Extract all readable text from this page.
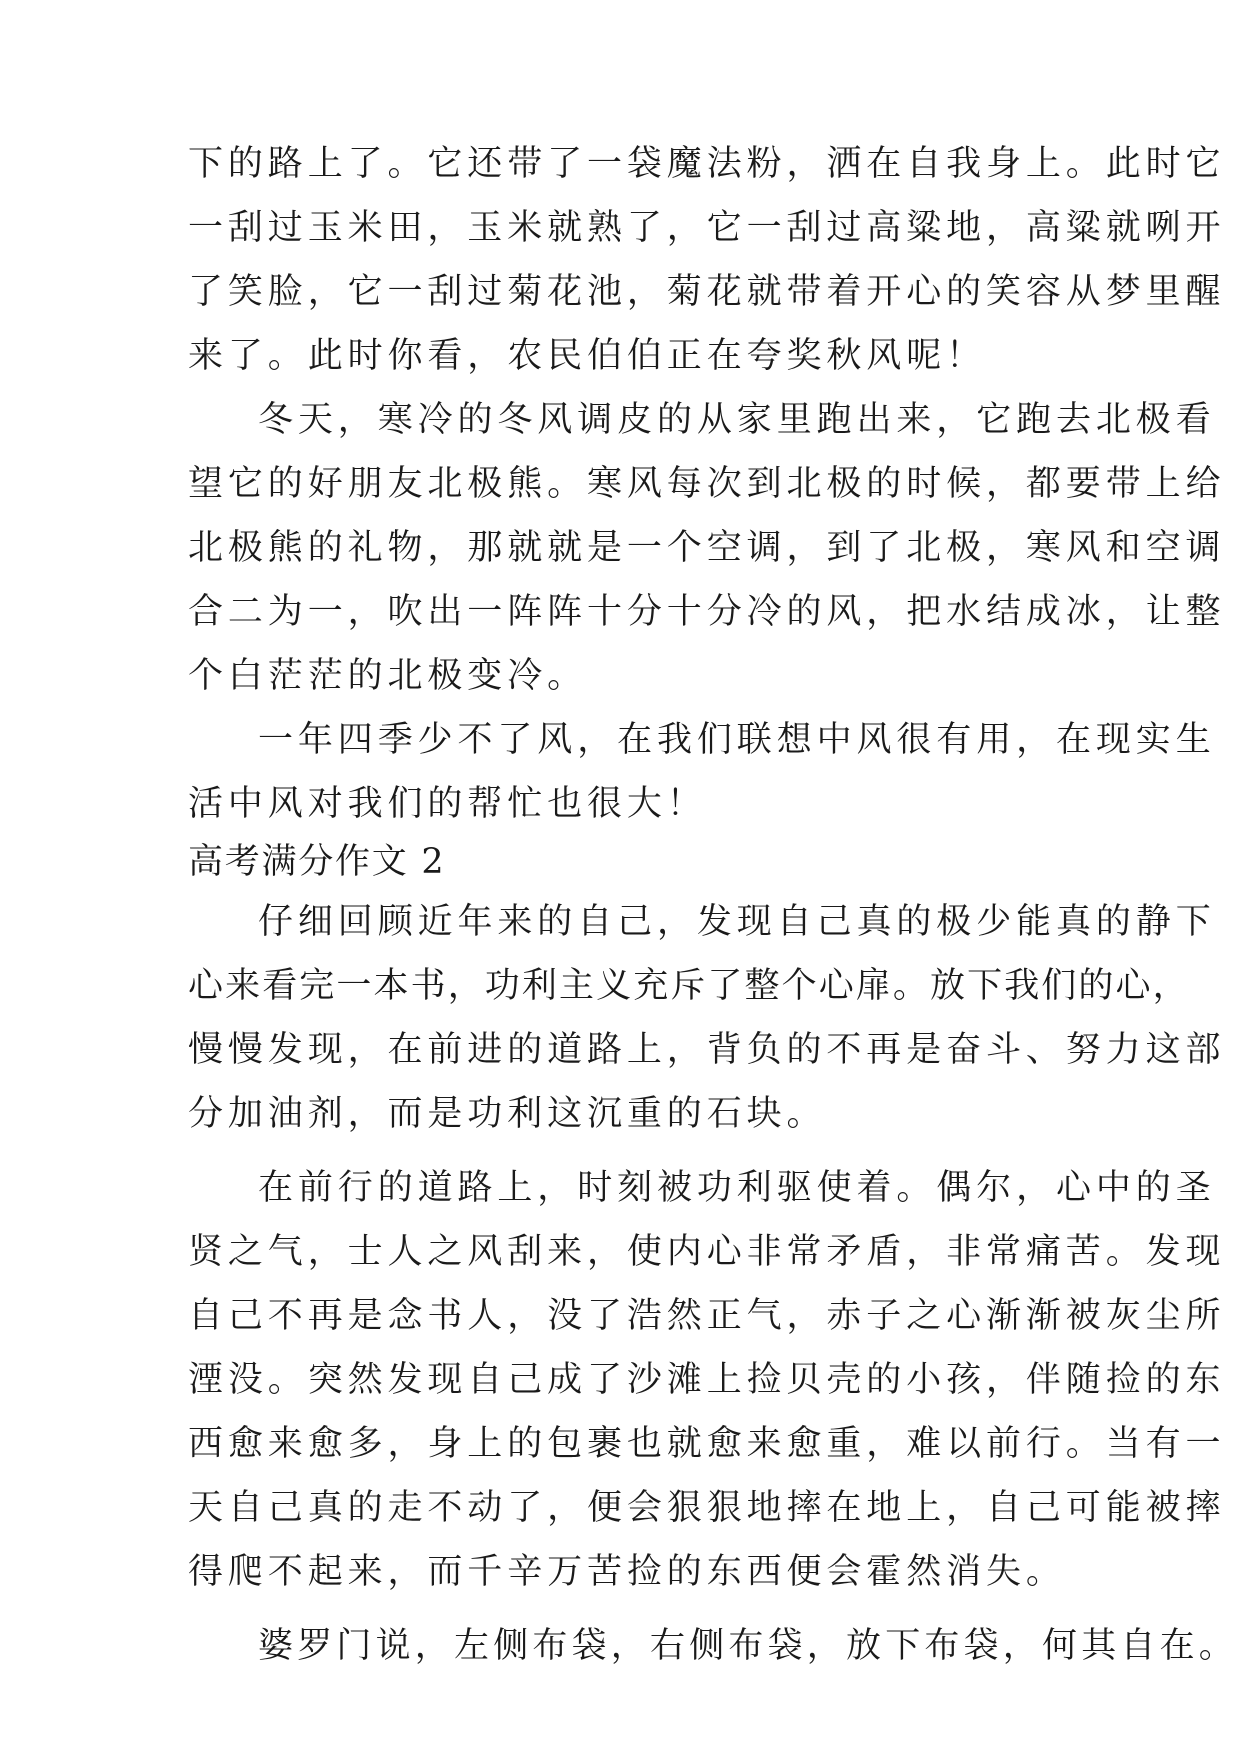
下的路上了。它还带了一袋魔法粉，洒在自我身上。此时它
一刮过玉米田，玉米就熟了，它一刮过高粱地，高粱就咧开
了笑脸，它一刮过菊花池，菊花就带着开心的笑容从梦里醒
来了。此时你看，农民伯伯正在夸奖秋风呢！
冬天，寒冷的冬风调皮的从家里跑出来，它跑去北极看
望它的好朋友北极熊。寒风每次到北极的时候，都要带上给
北极熊的礼物，那就就是一个空调，到了北极，寒风和空调
合二为一，吹出一阵阵十分十分冷的风，把水结成冰，让整
个白茫茫的北极变冷。
一年四季少不了风，在我们联想中风很有用，在现实生
活中风对我们的帮忙也很大！
高考满分作文 2
仔细回顾近年来的自己，发现自己真的极少能真的静下
心来看完一本书，功利主义充斥了整个心扉。放下我们的心，
慢慢发现，在前进的道路上，背负的不再是奋斗、努力这部
分加油剂，而是功利这沉重的石块。
在前行的道路上，时刻被功利驱使着。偶尔，心中的圣
贤之气，士人之风刮来，使内心非常矛盾，非常痛苦。发现
自己不再是念书人，没了浩然正气，赤子之心渐渐被灰尘所
湮没。突然发现自己成了沙滩上捡贝壳的小孩，伴随捡的东
西愈来愈多，身上的包裹也就愈来愈重，难以前行。当有一
天自己真的走不动了，便会狠狠地摔在地上，自己可能被摔
得爬不起来，而千辛万苦捡的东西便会霍然消失。
婆罗门说，左侧布袋，右侧布袋，放下布袋，何其自在。
